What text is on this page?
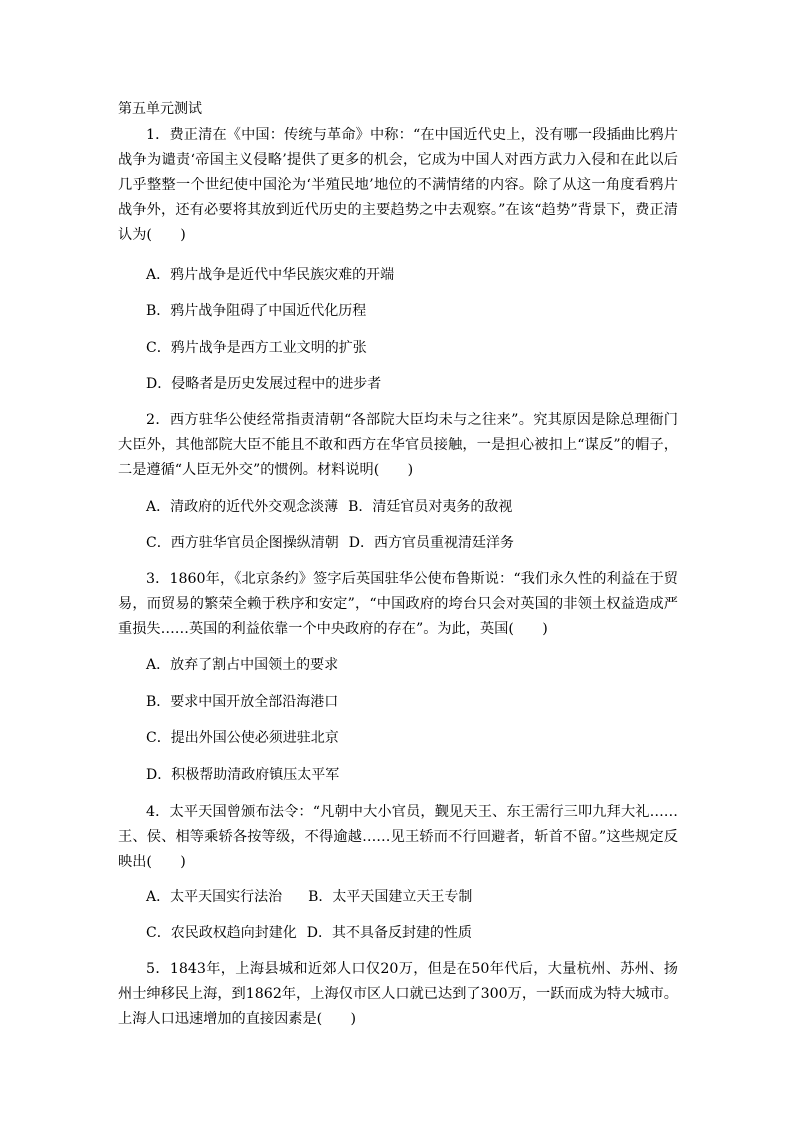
第五单元测试
1．费正清在《中国：传统与革命》中称：“在中国近代史上，没有哪一段插曲比鸦片战争为谴责‘帝国主义侵略’提供了更多的机会，它成为中国人对西方武力入侵和在此以后几乎整整一个世纪使中国沦为‘半殖民地’地位的不满情绪的内容。除了从这一角度看鸦片战争外，还有必要将其放到近代历史的主要趋势之中去观察。”在该“趋势”背景下，费正清认为(　　)
A．鸦片战争是近代中华民族灾难的开端
B．鸦片战争阻碍了中国近代化历程
C．鸦片战争是西方工业文明的扩张
D．侵略者是历史发展过程中的进步者
2．西方驻华公使经常指责清朝“各部院大臣均未与之往来”。究其原因是除总理衙门大臣外，其他部院大臣不能且不敢和西方在华官员接触，一是担心被扣上“谋反”的帽子，二是遵循“人臣无外交”的惯例。材料说明(　　)
A．清政府的近代外交观念淡薄 B．清廷官员对夷务的敌视
C．西方驻华官员企图操纵清朝 D．西方官员重视清廷洋务
3．1860年，《北京条约》签字后英国驻华公使布鲁斯说：“我们永久性的利益在于贸易，而贸易的繁荣全赖于秩序和安定”，“中国政府的垮台只会对英国的非领土权益造成严重损失……英国的利益依靠一个中央政府的存在”。为此，英国(　　)
A．放弃了割占中国领土的要求
B．要求中国开放全部沿海港口
C．提出外国公使必须进驻北京
D．积极帮助清政府镇压太平军
4．太平天国曾颁布法令：“凡朝中大小官员，觐见天王、东王需行三叩九拜大礼……王、侯、相等乘轿各按等级，不得逾越……见王轿而不行回避者，斩首不留。”这些规定反映出(　　)
A．太平天国实行法治 B．太平天国建立天王专制
C．农民政权趋向封建化 D．其不具备反封建的性质
5．1843年，上海县城和近郊人口仅20万，但是在50年代后，大量杭州、苏州、扬州士绅移民上海，到1862年，上海仅市区人口就已达到了300万，一跃而成为特大城市。上海人口迅速增加的直接因素是(　　)
